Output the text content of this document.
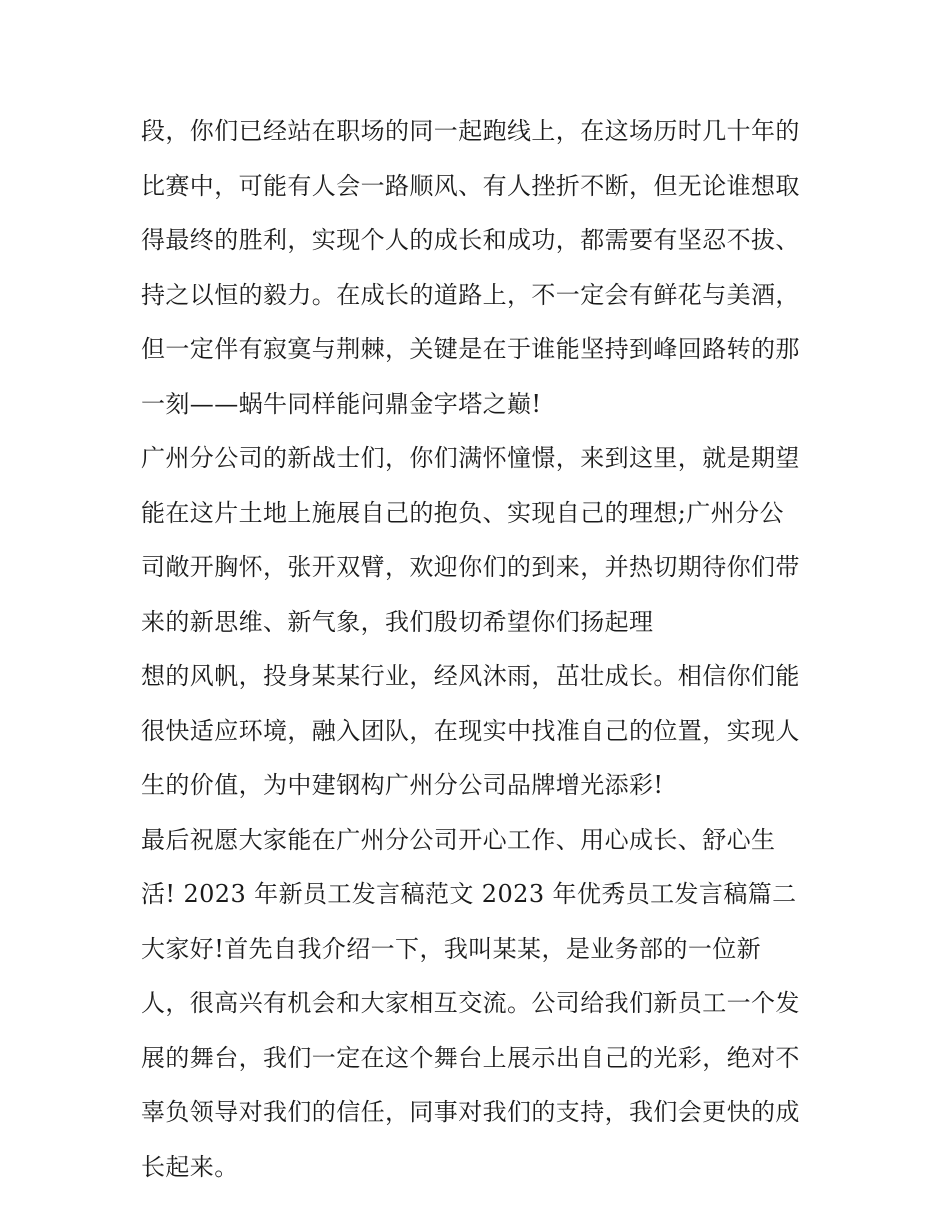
段，你们已经站在职场的同一起跑线上，在这场历时几十年的
比赛中，可能有人会一路顺风、有人挫折不断，但无论谁想取
得最终的胜利，实现个人的成长和成功，都需要有坚忍不拔、
持之以恒的毅力。在成长的道路上，不一定会有鲜花与美酒，
但一定伴有寂寞与荆棘，关键是在于谁能坚持到峰回路转的那
一刻——蜗牛同样能问鼎金字塔之巅!
广州分公司的新战士们，你们满怀憧憬，来到这里，就是期望
能在这片土地上施展自己的抱负、实现自己的理想;广州分公
司敞开胸怀，张开双臂，欢迎你们的到来，并热切期待你们带
来的新思维、新气象，我们殷切希望你们扬起理
想的风帆，投身某某行业，经风沐雨，茁壮成长。相信你们能
很快适应环境，融入团队，在现实中找准自己的位置，实现人
生的价值，为中建钢构广州分公司品牌增光添彩!
最后祝愿大家能在广州分公司开心工作、用心成长、舒心生
活! 2023 年新员工发言稿范文 2023 年优秀员工发言稿篇二
大家好!首先自我介绍一下，我叫某某，是业务部的一位新
人，很高兴有机会和大家相互交流。公司给我们新员工一个发
展的舞台，我们一定在这个舞台上展示出自己的光彩，绝对不
辜负领导对我们的信任，同事对我们的支持，我们会更快的成
长起来。
